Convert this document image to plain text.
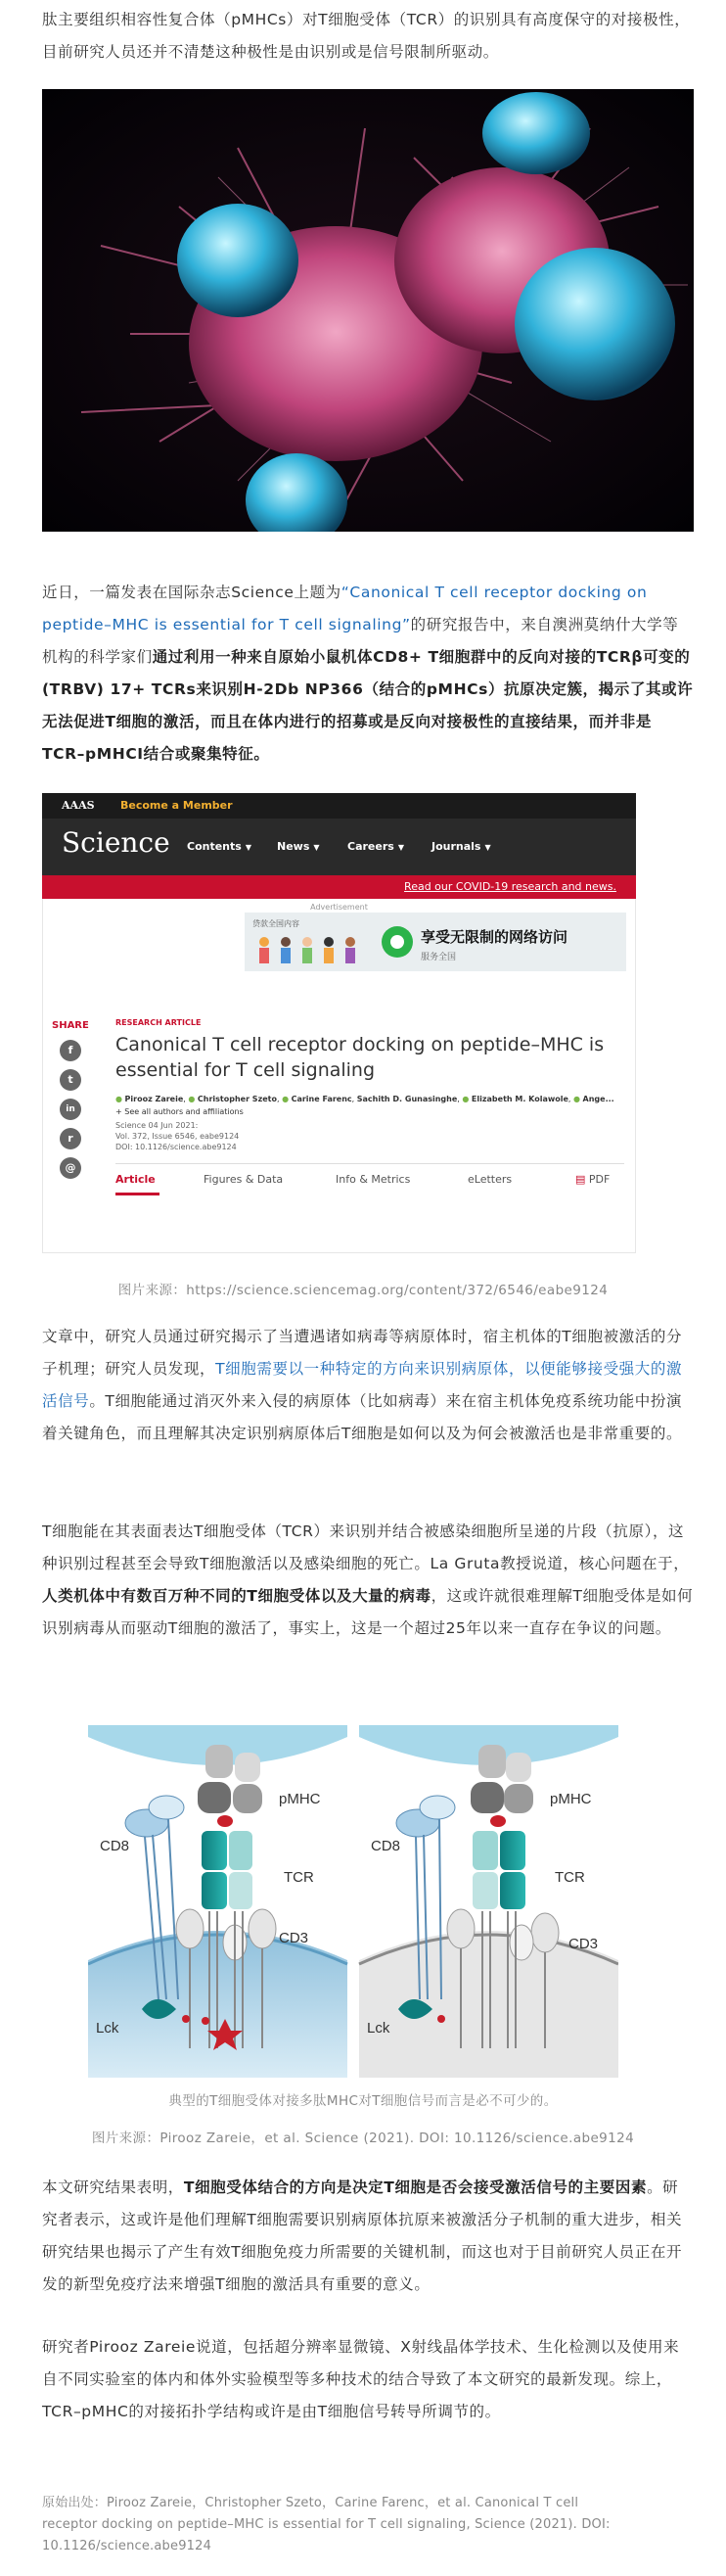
肽主要组织相容性复合体（pMHCs）对T细胞受体（TCR）的识别具有高度保守的对接极性，目前研究人员还并不清楚这种极性是由识别或是信号限制所驱动。

近日，一篇发表在国际杂志Science上题为“Canonical T cell receptor docking on peptide–MHC is essential for T cell signaling”的研究报告中，来自澳洲莫纳什大学等机构的科学家们通过利用一种来自原始小鼠机体CD8+ T细胞群中的反向对接的TCRβ可变的(TRBV) 17+ TCRs来识别H-2Db NP366（结合的pMHCs）抗原决定簇，揭示了其或许无法促进T细胞的激活，而且在体内进行的招募或是反向对接极性的直接结果，而并非是TCR–pMHCI结合或聚集特征。

AAAS Become a Member
Science Contents ▼ News ▼	Careers ▼	Journals ▼
Read our COVID-19 research and news.
Advertisement
贷款全国内容
享受无限制的网络访问
服务全国
SHARE
f
t
in
r
@
RESEARCH ARTICLE
Canonical T cell receptor docking on peptide–MHC is essential for T cell signaling
● Pirooz Zareie, ● Christopher Szeto, ● Carine Farenc, Sachith D. Gunasinghe, ● Elizabeth M. Kolawole, ● Ange...
+ See all authors and affiliations
Science 04 Jun 2021:
Vol. 372, Issue 6546, eabe9124
DOI: 10.1126/science.abe9124
Article	Figures & Data	Info & Metrics	eLetters	▤ PDF
图片来源：https://science.sciencemag.org/content/372/6546/eabe9124

文章中，研究人员通过研究揭示了当遭遇诸如病毒等病原体时，宿主机体的T细胞被激活的分子机理；研究人员发现，T细胞需要以一种特定的方向来识别病原体，以便能够接受强大的激活信号。T细胞能通过消灭外来入侵的病原体（比如病毒）来在宿主机体免疫系统功能中扮演着关键角色，而且理解其决定识别病原体后T细胞是如何以及为何会被激活也是非常重要的。

T细胞能在其表面表达T细胞受体（TCR）来识别并结合被感染细胞所呈递的片段（抗原），这种识别过程甚至会导致T细胞激活以及感染细胞的死亡。La Gruta教授说道，核心问题在于，人类机体中有数百万种不同的T细胞受体以及大量的病毒，这或许就很难理解T细胞受体是如何识别病毒从而驱动T细胞的激活了，事实上，这是一个超过25年以来一直存在争议的问题。

CD8
pMHC
TCR
CD3
Lck
CD8
pMHC
TCR
CD3
Lck
典型的T细胞受体对接多肽MHC对T细胞信号而言是必不可少的。
图片来源：Pirooz Zareie，et al. Science (2021). DOI: 10.1126/science.abe9124

本文研究结果表明，T细胞受体结合的方向是决定T细胞是否会接受激活信号的主要因素。研究者表示，这或许是他们理解T细胞需要识别病原体抗原来被激活分子机制的重大进步，相关研究结果也揭示了产生有效T细胞免疫力所需要的关键机制，而这也对于目前研究人员正在开发的新型免疫疗法来增强T细胞的激活具有重要的意义。

研究者Pirooz Zareie说道，包括超分辨率显微镜、X射线晶体学技术、生化检测以及使用来自不同实验室的体内和体外实验模型等多种技术的结合导致了本文研究的最新发现。综上，TCR–pMHC的对接拓扑学结构或许是由T细胞信号转导所调节的。

原始出处：Pirooz Zareie，Christopher Szeto，Carine Farenc，et al. Canonical T cell
receptor docking on peptide–MHC is essential for T cell signaling, Science (2021). DOI:
10.1126/science.abe9124
